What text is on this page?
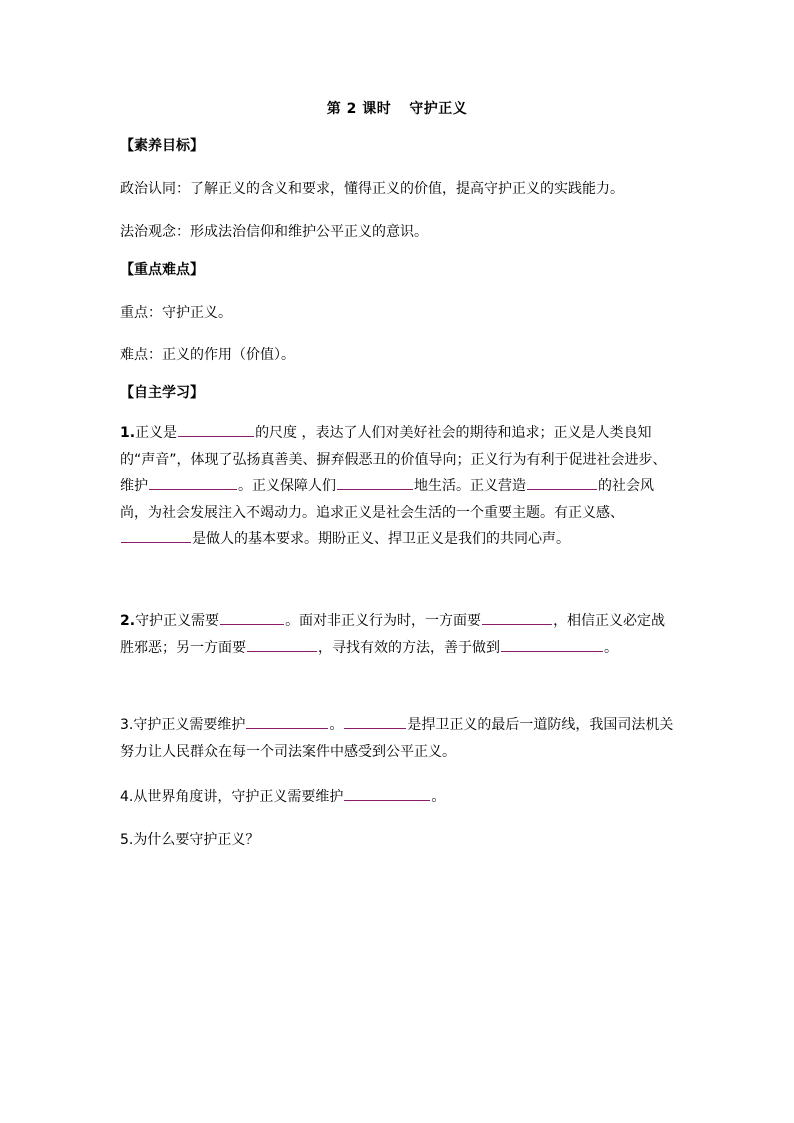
第 2 课时 守护正义
【素养目标】
政治认同：了解正义的含义和要求，懂得正义的价值，提高守护正义的实践能力。
法治观念：形成法治信仰和维护公平正义的意识。
【重点难点】
重点：守护正义。
难点：正义的作用（价值）。
【自主学习】
1.正义是	的尺度 ，表达了人们对美好社会的期待和追求；正义是人类良知的“声音”，体现了弘扬真善美、摒弃假恶丑的价值导向；正义行为有利于促进社会进步、维护	。正义保障人们	地生活。正义营造	的社会风尚，为社会发展注入不竭动力。追求正义是社会生活的一个重要主题。有正义感、是做人的基本要求。期盼正义、捍卫正义是我们的共同心声。
2.守护正义需要	。面对非正义行为时，一方面要	，相信正义必定战胜邪恶；另一方面要	，寻找有效的方法，善于做到	。
3.守护正义需要维护	。	是捍卫正义的最后一道防线，我国司法机关努力让人民群众在每一个司法案件中感受到公平正义。
4.从世界角度讲，守护正义需要维护	。
5.为什么要守护正义？
